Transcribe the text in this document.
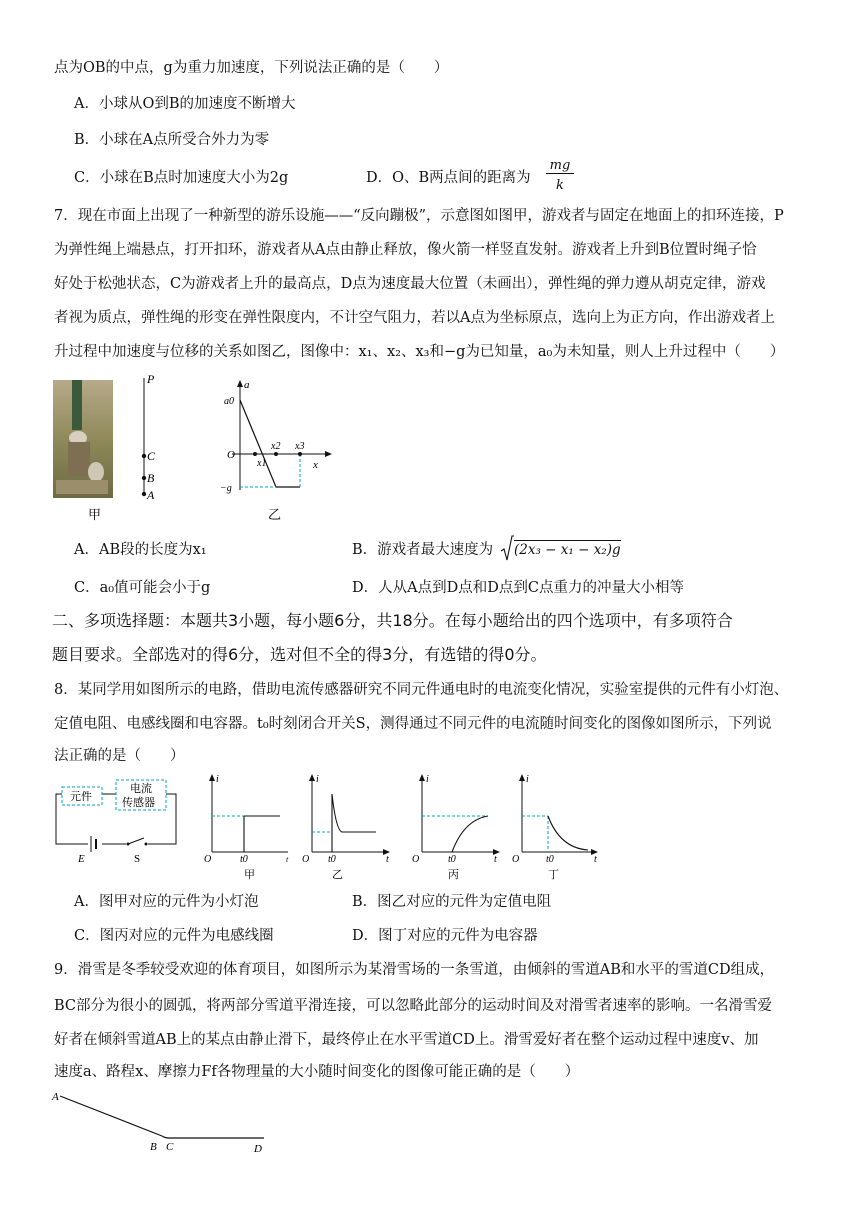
点为OB的中点，g为重力加速度，下列说法正确的是（　　）
A．小球从O到B的加速度不断增大
B．小球在A点所受合外力为零
C．小球在B点时加速度大小为2g	D．O、B两点间的距离为
mg
k
7．现在市面上出现了一种新型的游乐设施——“反向蹦极”，示意图如图甲，游戏者与固定在地面上的扣环连接，P
为弹性绳上端悬点，打开扣环，游戏者从A点由静止释放，像火箭一样竖直发射。游戏者上升到B位置时绳子恰
好处于松弛状态，C为游戏者上升的最高点，D点为速度最大位置（未画出），弹性绳的弹力遵从胡克定律，游戏
者视为质点，弹性绳的形变在弹性限度内，不计空气阻力，若以A点为坐标原点，选向上为正方向，作出游戏者上
升过程中加速度与位移的关系如图乙，图像中：x₁、x₂、x₃和−g为已知量，a₀为未知量，则人上升过程中（　　）
P
C
B
A
甲
a
x
a0
O
−g
x1
x2 x3
乙
A．AB段的长度为x₁	B．游戏者最大速度为 (2x₃ − x₁ − x₂)g
C．a₀值可能会小于g	D．人从A点到D点和D点到C点重力的冲量大小相等
二、多项选择题：本题共3小题，每小题6分，共18分。在每小题给出的四个选项中，有多项符合
题目要求。全部选对的得6分，选对但不全的得3分，有选错的得0分。
8．某同学用如图所示的电路，借助电流传感器研究不同元件通电时的电流变化情况，实验室提供的元件有小灯泡、
定值电阻、电感线圈和电容器。t₀时刻闭合开关S，测得通过不同元件的电流随时间变化的图像如图所示，下列说
法正确的是（　　）
元件
电流
传感器
E	S
i
O	t0	t
甲
i
O t0	t
乙
i
O	t0	t
丙
i
O	t0	t
丁
A．图甲对应的元件为小灯泡	B．图乙对应的元件为定值电阻
C．图丙对应的元件为电感线圈	D．图丁对应的元件为电容器
9．滑雪是冬季较受欢迎的体育项目，如图所示为某滑雪场的一条雪道，由倾斜的雪道AB和水平的雪道CD组成，
BC部分为很小的圆弧，将两部分雪道平滑连接，可以忽略此部分的运动时间及对滑雪者速率的影响。一名滑雪爱
好者在倾斜雪道AB上的某点由静止滑下，最终停止在水平雪道CD上。滑雪爱好者在整个运动过程中速度v、加
速度a、路程x、摩擦力Ff各物理量的大小随时间变化的图像可能正确的是（　　）
A
B C	D
